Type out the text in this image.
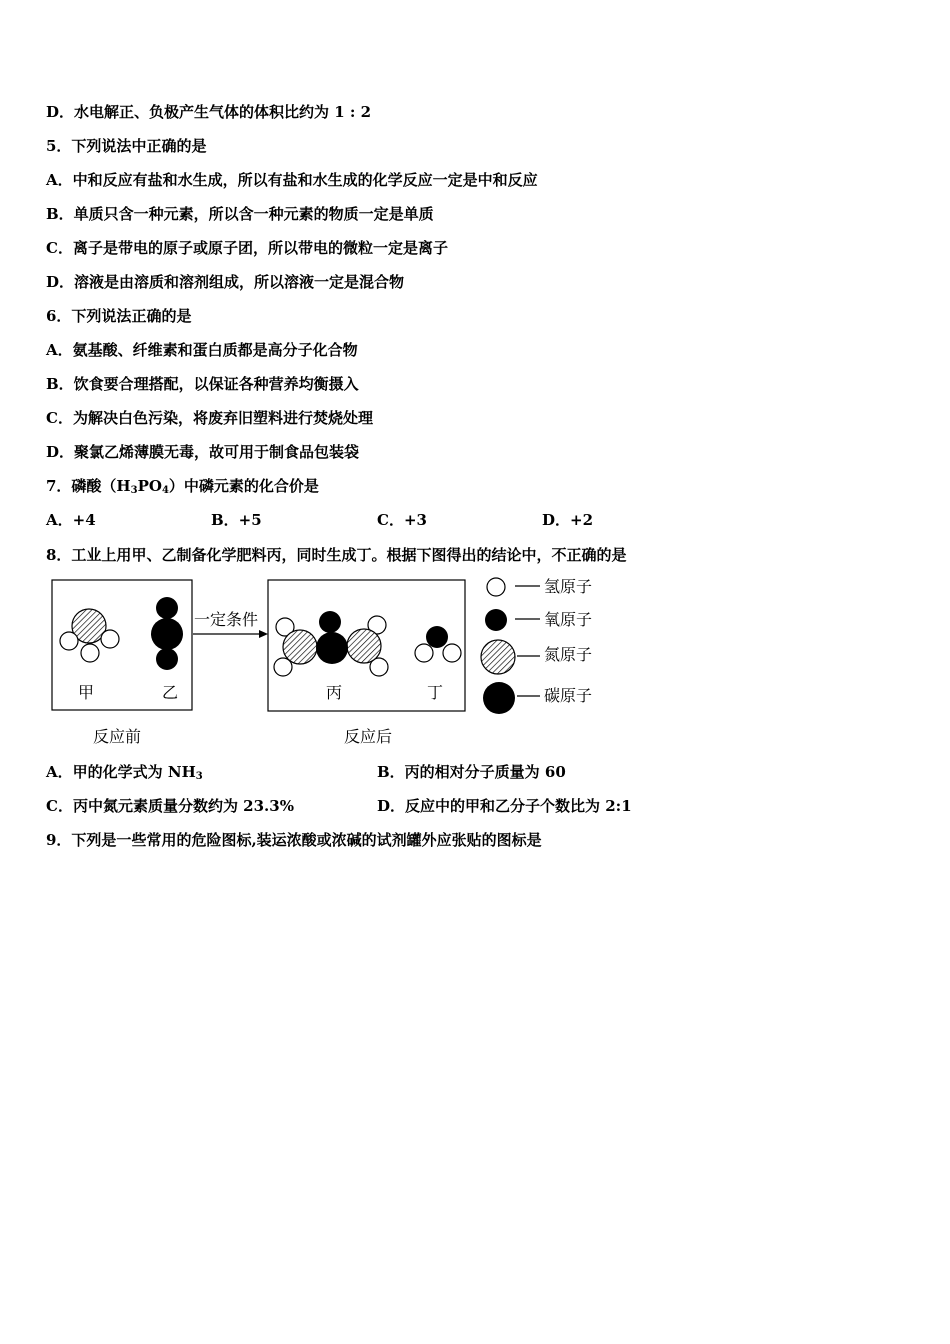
D．水电解正、负极产生气体的体积比约为 1 : 2
5．下列说法中正确的是
A．中和反应有盐和水生成，所以有盐和水生成的化学反应一定是中和反应
B．单质只含一种元素，所以含一种元素的物质一定是单质
C．离子是带电的原子或原子团，所以带电的微粒一定是离子
D．溶液是由溶质和溶剂组成，所以溶液一定是混合物
6．下列说法正确的是
A．氨基酸、纤维素和蛋白质都是高分子化合物
B．饮食要合理搭配，以保证各种营养均衡摄入
C．为解决白色污染，将废弃旧塑料进行焚烧处理
D．聚氯乙烯薄膜无毒，故可用于制食品包装袋
7．磷酸$(H_3PO_4)$中磷元素的化合价是
A．+4	B．+5	C．+3	D．+2
8．工业上用甲、乙制备化学肥料丙，同时生成丁。根据下图得出的结论中，不正确的是
甲	乙
一定条件
丙	丁
反应前	反应后
氢原子
氧原子
氮原子
碳原子
A．甲的化学式为 $NH_3$	B．丙的相对分子质量为 60
C．丙中氮元素质量分数约为 23.3%	D．反应中的甲和乙分子个数比为 2:1
9．下列是一些常用的危险图标,装运浓酸或浓碱的试剂罐外应张贴的图标是
